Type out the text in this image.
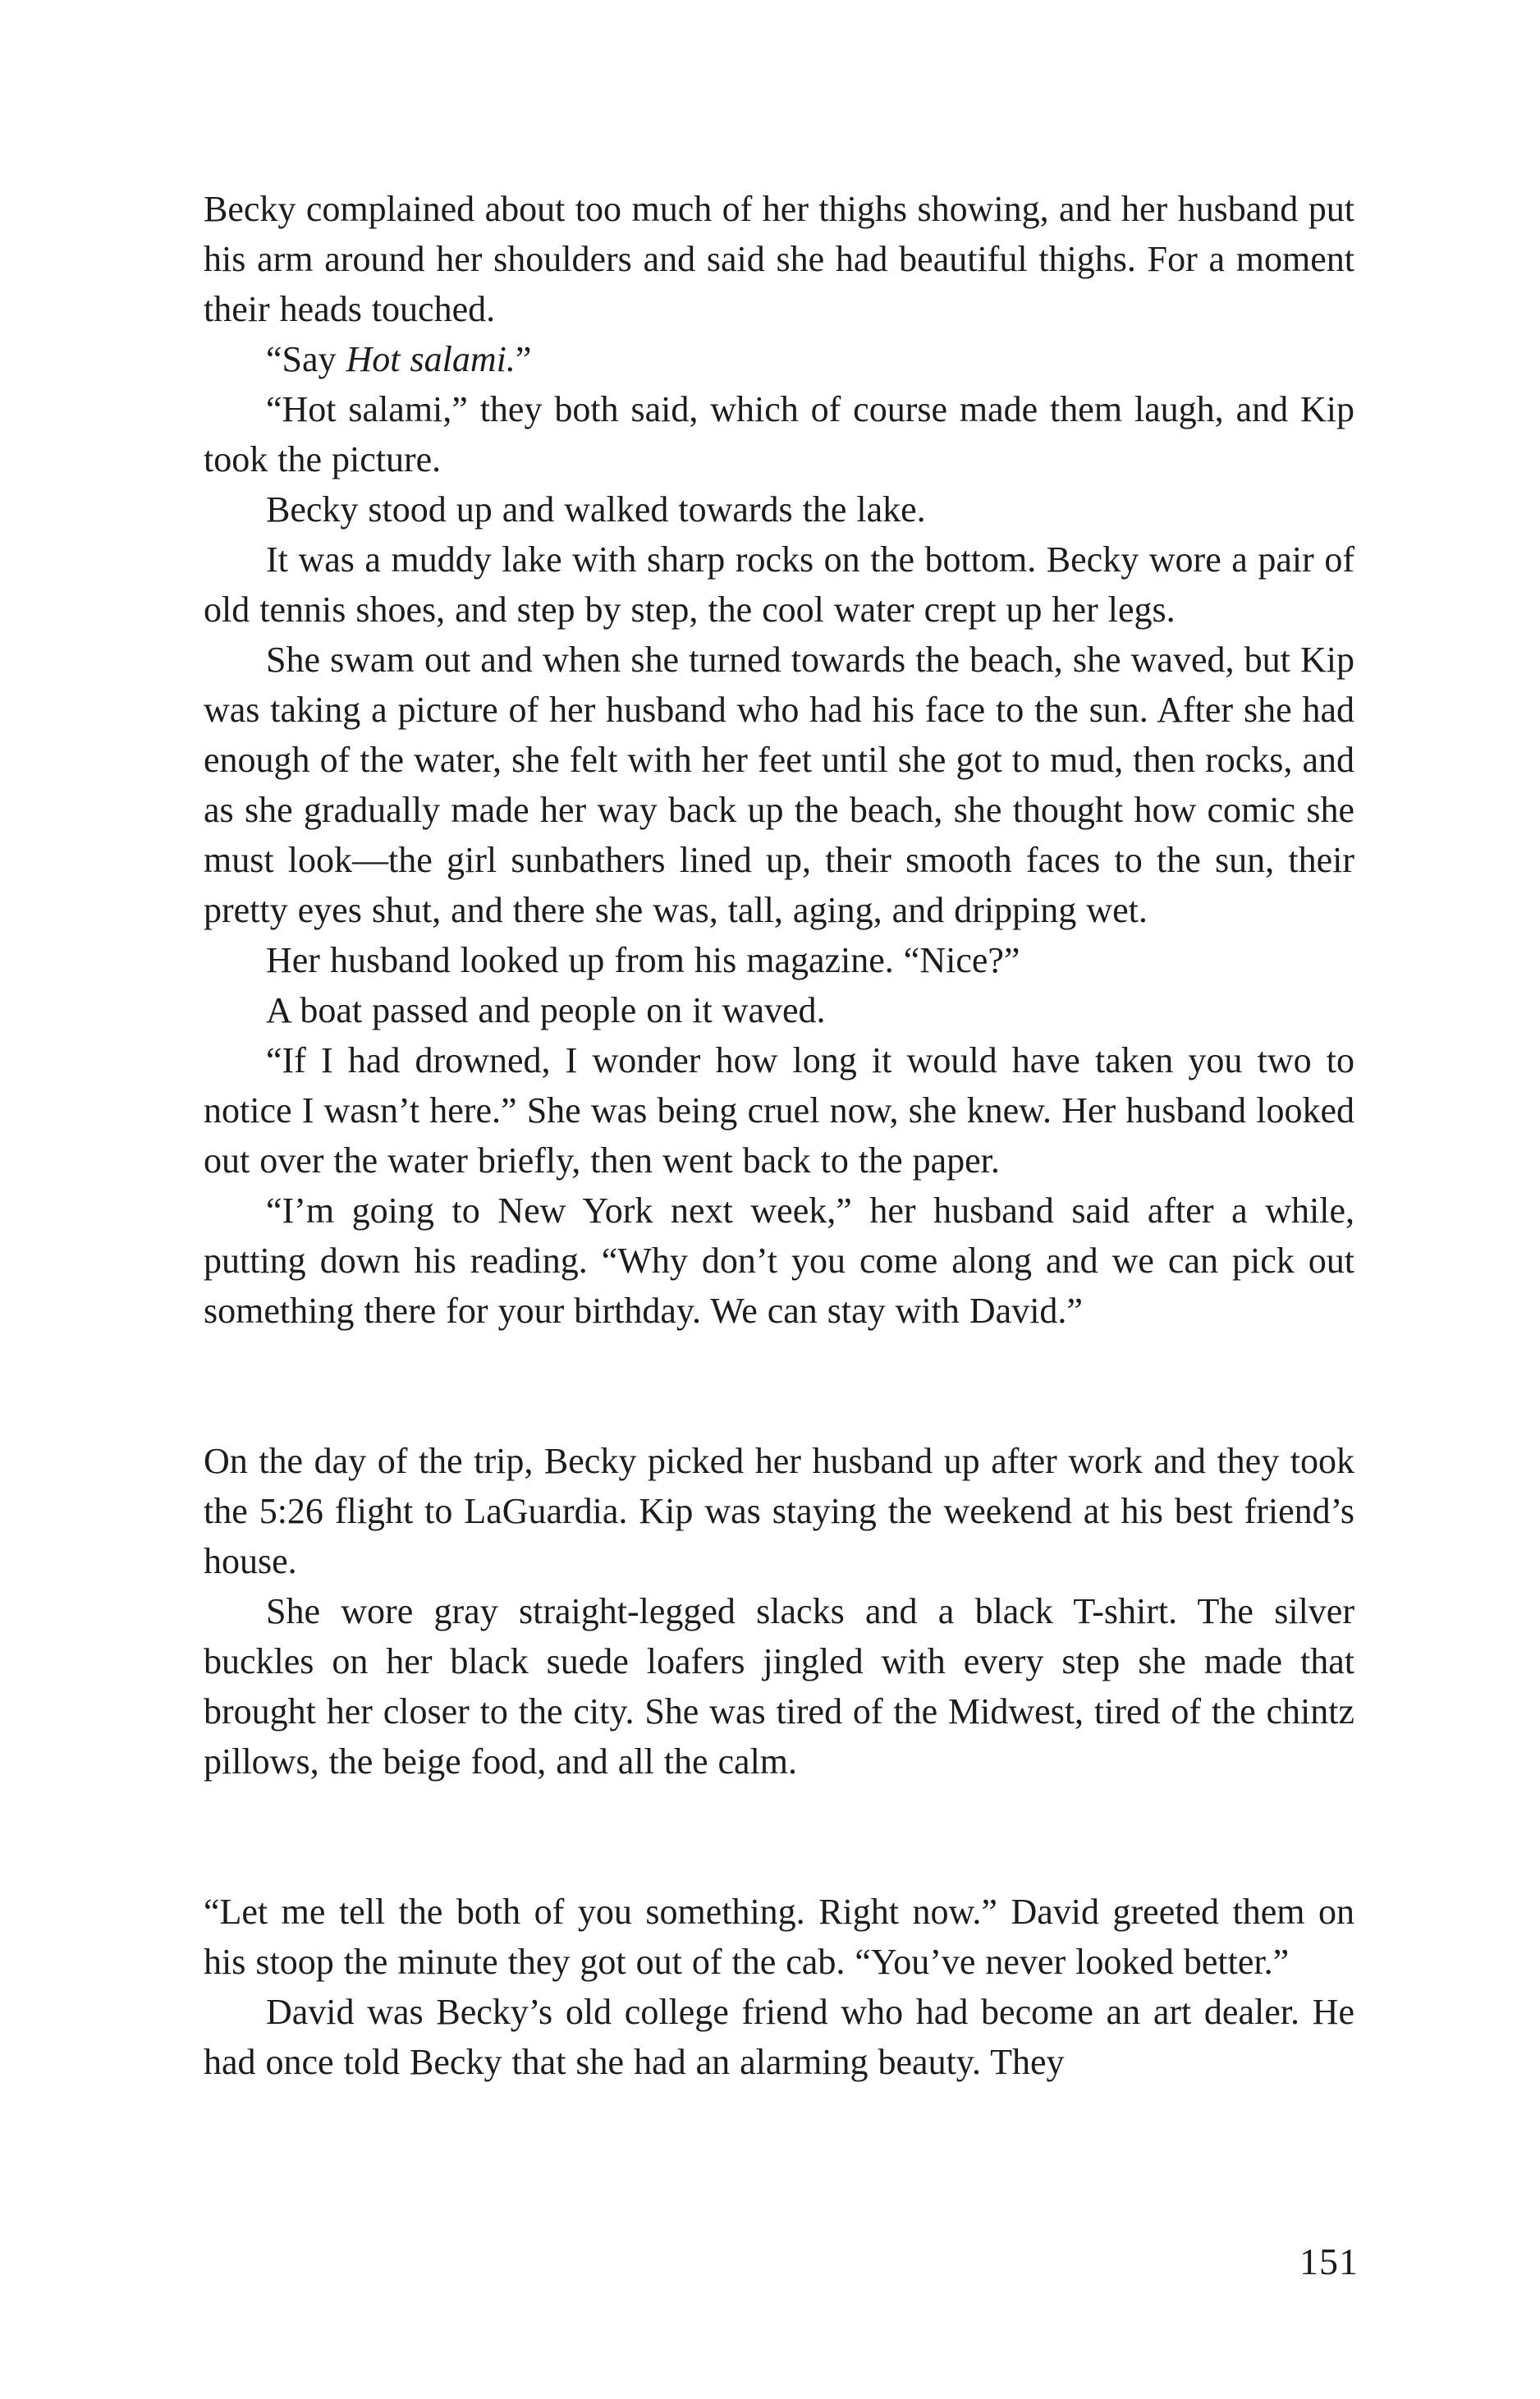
Becky complained about too much of her thighs showing, and her husband put his arm around her shoulders and said she had beautiful thighs. For a moment their heads touched.

“Say Hot salami.”

“Hot salami,” they both said, which of course made them laugh, and Kip took the picture.

Becky stood up and walked towards the lake.

It was a muddy lake with sharp rocks on the bottom. Becky wore a pair of old tennis shoes, and step by step, the cool water crept up her legs.

She swam out and when she turned towards the beach, she waved, but Kip was taking a picture of her husband who had his face to the sun. After she had enough of the water, she felt with her feet until she got to mud, then rocks, and as she gradually made her way back up the beach, she thought how comic she must look—the girl sunbathers lined up, their smooth faces to the sun, their pretty eyes shut, and there she was, tall, aging, and dripping wet.

Her husband looked up from his magazine. “Nice?”

A boat passed and people on it waved.

“If I had drowned, I wonder how long it would have taken you two to notice I wasn’t here.” She was being cruel now, she knew. Her husband looked out over the water briefly, then went back to the paper.

“I’m going to New York next week,” her husband said after a while, putting down his reading. “Why don’t you come along and we can pick out something there for your birthday. We can stay with David.”

On the day of the trip, Becky picked her husband up after work and they took the 5:26 flight to LaGuardia. Kip was staying the weekend at his best friend’s house.

She wore gray straight-legged slacks and a black T-shirt. The silver buckles on her black suede loafers jingled with every step she made that brought her closer to the city. She was tired of the Midwest, tired of the chintz pillows, the beige food, and all the calm.

“Let me tell the both of you something. Right now.” David greeted them on his stoop the minute they got out of the cab. “You’ve never looked better.”

David was Becky’s old college friend who had become an art dealer. He had once told Becky that she had an alarming beauty. They

151
